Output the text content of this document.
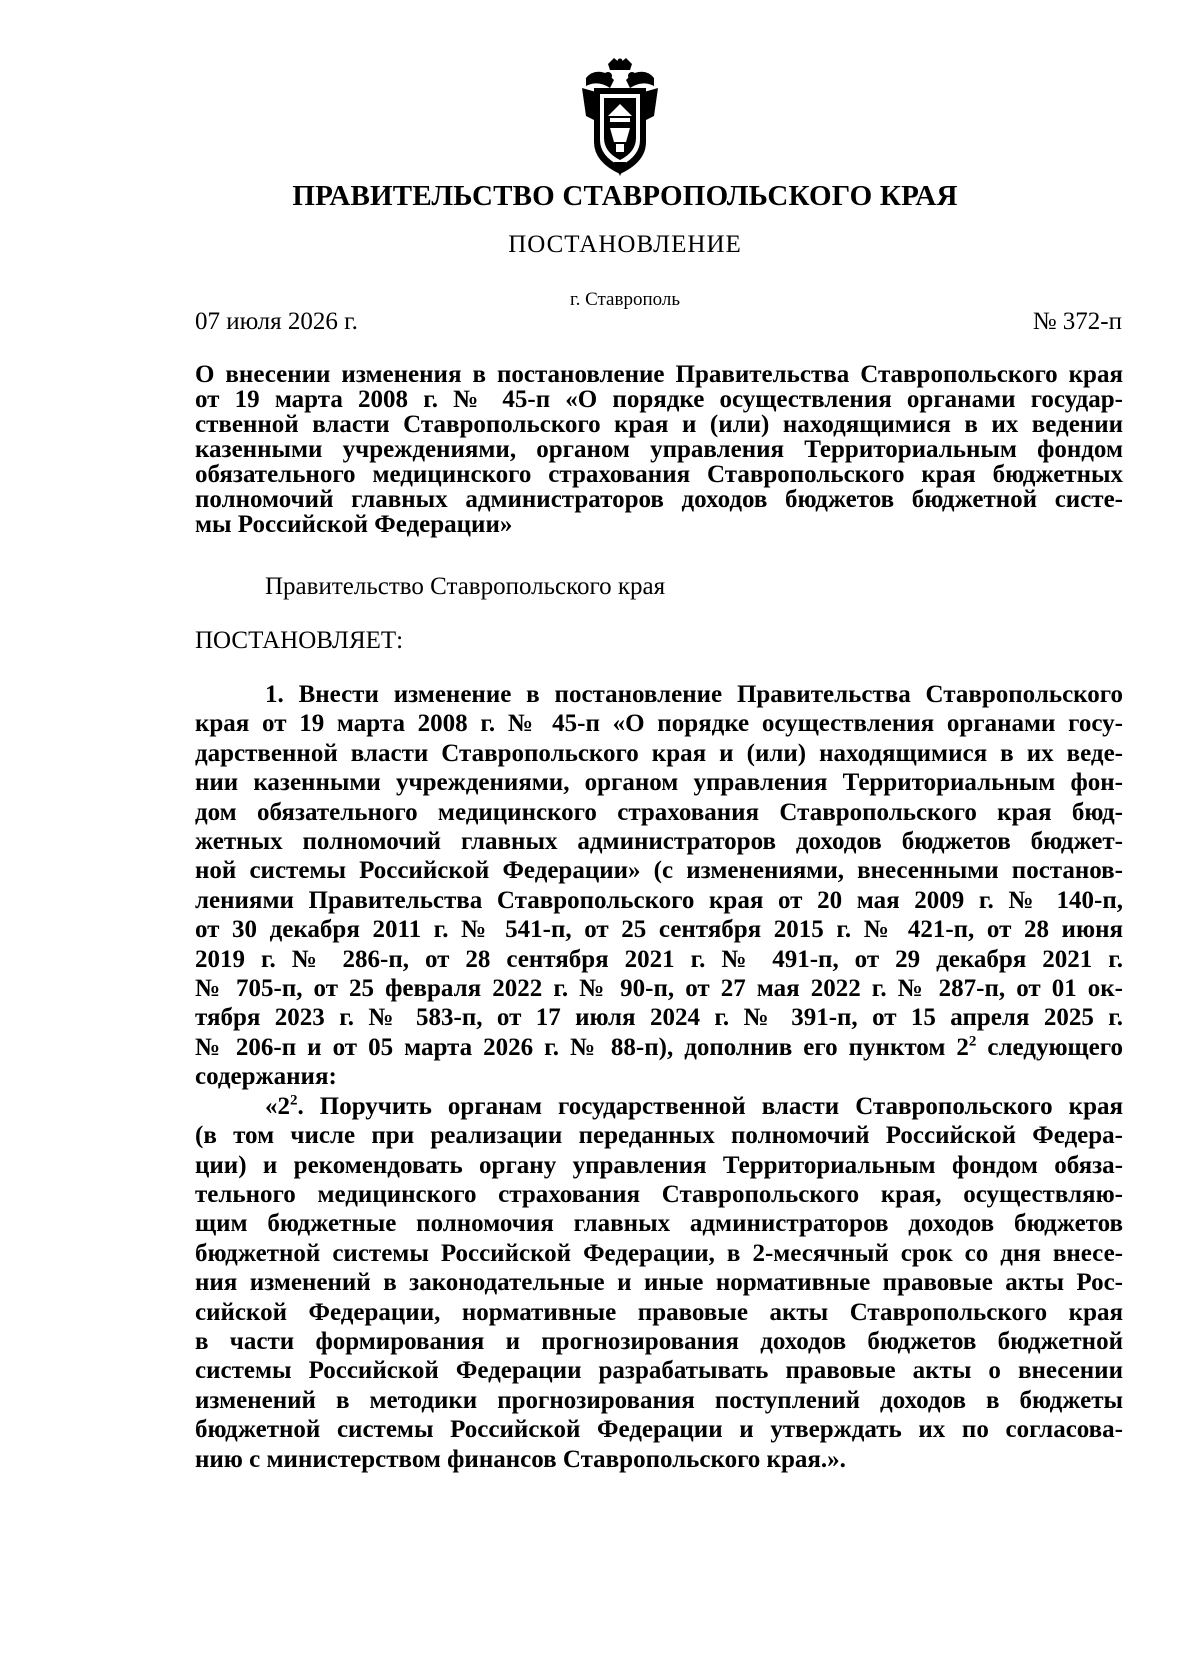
ПРАВИТЕЛЬСТВО СТАВРОПОЛЬСКОГО КРАЯ
ПОСТАНОВЛЕНИЕ
г. Ставрополь
07 июля 2026 г.	№ 372-п
О внесении изменения в постановление Правительства Ставропольского края
от 19 марта 2008 г. № 45-п «О порядке осуществления органами государ-
ственной власти Ставропольского края и (или) находящимися в их ведении
казенными учреждениями, органом управления Территориальным фондом
обязательного медицинского страхования Ставропольского края бюджетных
полномочий главных администраторов доходов бюджетов бюджетной систе-
мы Российской Федерации»
Правительство Ставропольского края
ПОСТАНОВЛЯЕТ:
1. Внести изменение в постановление Правительства Ставропольского
края от 19 марта 2008 г. № 45-п «О порядке осуществления органами госу-
дарственной власти Ставропольского края и (или) находящимися в их веде-
нии казенными учреждениями, органом управления Территориальным фон-
дом обязательного медицинского страхования Ставропольского края бюд-
жетных полномочий главных администраторов доходов бюджетов бюджет-
ной системы Российской Федерации» (с изменениями, внесенными постанов-
лениями Правительства Ставропольского края от 20 мая 2009 г. № 140-п,
от 30 декабря 2011 г. № 541-п, от 25 сентября 2015 г. № 421-п, от 28 июня
2019 г. № 286-п, от 28 сентября 2021 г. № 491-п, от 29 декабря 2021 г.
№ 705-п, от 25 февраля 2022 г. № 90-п, от 27 мая 2022 г. № 287-п, от 01 ок-
тября 2023 г. № 583-п, от 17 июля 2024 г. № 391-п, от 15 апреля 2025 г.
№ 206-п и от 05 марта 2026 г. № 88-п), дополнив его пунктом $2^2$ следующего
содержания:
«$2^2$. Поручить органам государственной власти Ставропольского края
(в том числе при реализации переданных полномочий Российской Федера-
ции) и рекомендовать органу управления Территориальным фондом обяза-
тельного медицинского страхования Ставропольского края, осуществляю-
щим бюджетные полномочия главных администраторов доходов бюджетов
бюджетной системы Российской Федерации, в 2-месячный срок со дня внесе-
ния изменений в законодательные и иные нормативные правовые акты Рос-
сийской Федерации, нормативные правовые акты Ставропольского края
в части формирования и прогнозирования доходов бюджетов бюджетной
системы Российской Федерации разрабатывать правовые акты о внесении
изменений в методики прогнозирования поступлений доходов в бюджеты
бюджетной системы Российской Федерации и утверждать их по согласова-
нию с министерством финансов Ставропольского края.».
